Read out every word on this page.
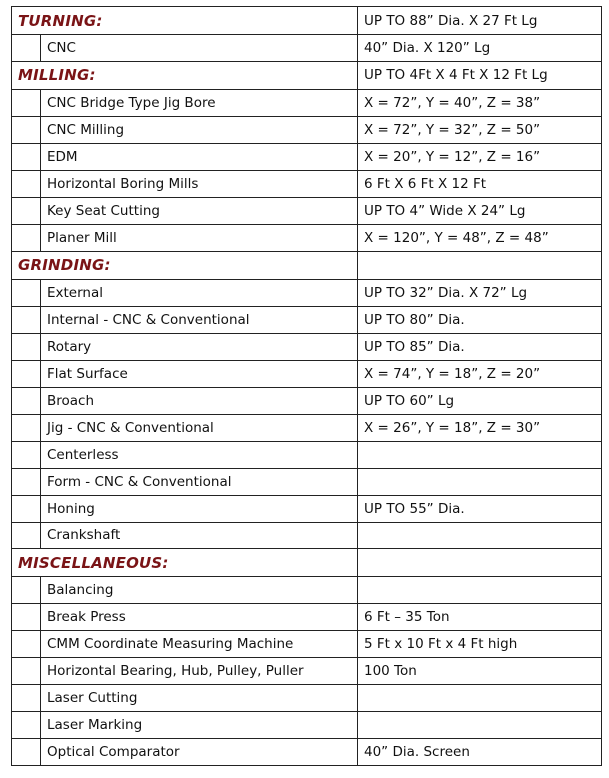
TURNING:		UP TO 88” Dia. X 27 Ft Lg
	CNC	40” Dia. X 120” Lg
MILLING:		UP TO 4Ft X 4 Ft X 12 Ft Lg
	CNC Bridge Type Jig Bore	X = 72”, Y = 40”, Z = 38”
	CNC Milling	X = 72”, Y = 32”, Z = 50”
	EDM	X = 20”, Y = 12”, Z = 16”
	Horizontal Boring Mills	6 Ft X 6 Ft X 12 Ft
	Key Seat Cutting	UP TO 4” Wide X 24” Lg
	Planer Mill	X = 120”, Y = 48”, Z = 48”
GRINDING:		
	External	UP TO 32” Dia. X 72” Lg
	Internal - CNC & Conventional	UP TO 80” Dia.
	Rotary	UP TO 85” Dia.
	Flat Surface	X = 74”, Y = 18”, Z = 20”
	Broach	UP TO 60” Lg
	Jig - CNC & Conventional	X = 26”, Y = 18”, Z = 30”
	Centerless	
	Form - CNC & Conventional	
	Honing	UP TO 55” Dia.
	Crankshaft	
MISCELLANEOUS:		
	Balancing	
	Break Press	6 Ft – 35 Ton
	CMM Coordinate Measuring Machine	5 Ft x 10 Ft x 4 Ft high
	Horizontal Bearing, Hub, Pulley, Puller	100 Ton
	Laser Cutting	
	Laser Marking	
	Optical Comparator	40” Dia. Screen
